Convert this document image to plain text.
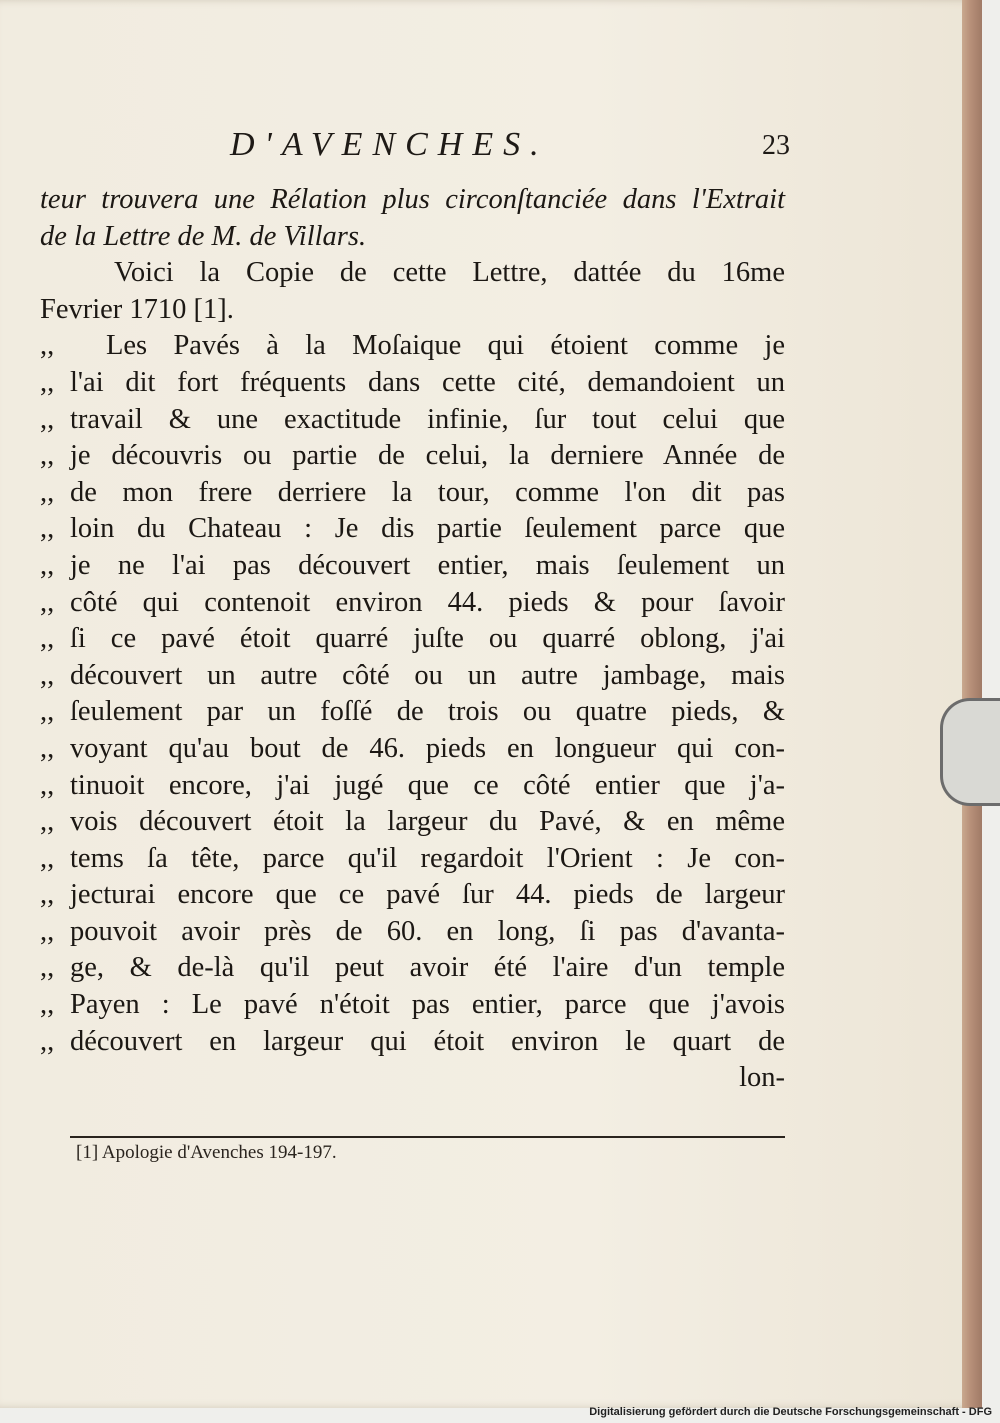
D'AVENCHES.	23
teur trouvera une Rélation plus circonſtanciée dans l'Extrait
de la Lettre de M. de Villars.
Voici la Copie de cette Lettre, dattée du 16me
Fevrier 1710 [1].
,, Les Pavés à la Moſaique qui étoient comme je
,, l'ai dit fort fréquents dans cette cité, demandoient un
,, travail & une exactitude infinie, ſur tout celui que
,, je découvris ou partie de celui, la derniere Année de
,, de mon frere derriere la tour, comme l'on dit pas
,, loin du Chateau : Je dis partie ſeulement parce que
,, je ne l'ai pas découvert entier, mais ſeulement un
,, côté qui contenoit environ 44. pieds & pour ſavoir
,, ſi ce pavé étoit quarré juſte ou quarré oblong, j'ai
,, découvert un autre côté ou un autre jambage, mais
,, ſeulement par un foſſé de trois ou quatre pieds, &
,, voyant qu'au bout de 46. pieds en longueur qui con-
,, tinuoit encore, j'ai jugé que ce côté entier que j'a-
,, vois découvert étoit la largeur du Pavé, & en même
,, tems ſa tête, parce qu'il regardoit l'Orient : Je con-
,, jecturai encore que ce pavé ſur 44. pieds de largeur
,, pouvoit avoir près de 60. en long, ſi pas d'avanta-
,, ge, & de-là qu'il peut avoir été l'aire d'un temple
,, Payen : Le pavé n'étoit pas entier, parce que j'avois
,, découvert en largeur qui étoit environ le quart de
lon-
[1] Apologie d'Avenches 194-197.
Digitalisierung gefördert durch die Deutsche Forschungsgemeinschaft - DFG
